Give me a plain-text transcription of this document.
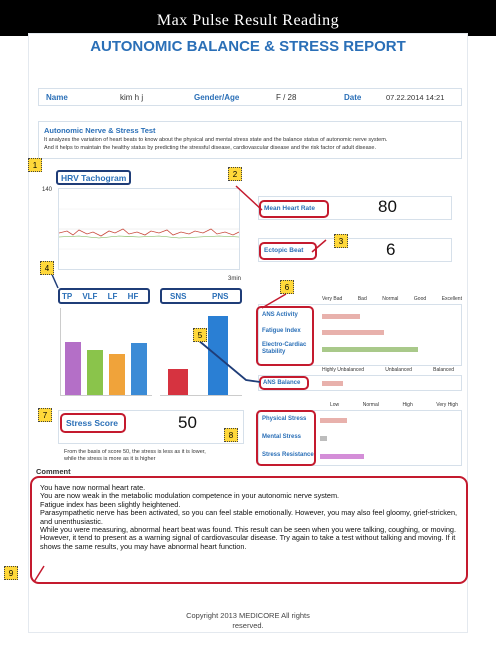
Max Pulse Result Reading
AUTONOMIC BALANCE & STRESS REPORT
Name	kim h j	Gender/Age	F / 28	Date	07.22.2014 14:21
Autonomic Nerve & Stress Test
It analyzes the variation of heart beats to know about the physical and mental stress state and the balance status of autonomic nerve system.
And it helps to maintain the healthy status by predicting the stressful disease, cardiovascular disease and the risk factor of adult disease.
HRV Tachogram
140
3min
Mean Heart Rate	80
Ectopic Beat	6
TP VLF LF HF	SNS	PNS	Very Bad	Bad	Normal	Good	Excellent
ANS Activity
Fatigue Index
Electro-Cardiac Stability
Highly Unbalanced	Unbalanced	Balanced
ANS Balance
Stress Score	50
From the basis of score 50, the stress is less as it is lower,
while the stress is more as it is higher
Low	Normal	High	Very High
Physical Stress
Mental Stress
Stress Resistance
Comment

You have now normal heart rate.

You are now weak in the metabolic modulation competence in your autonomic nerve system.

Fatigue index has been slightly heightened.

Parasympathetic nerve has been activated, so you can feel stable emotionally. However, you may also feel gloomy, grief-stricken, and unenthusiastic.

While you were measuring, abnormal heart beat was found. This result can be seen when you were talking, coughing, or moving. However, it tend to present as a warning signal of cardiovascular disease. Try again to take a test without talking and moving. If it shows the same results, you may have abnormal heart function.

Copyright 2013 MEDICORE All rights
reserved.
1
2
3
4
5
6
7
8
9
